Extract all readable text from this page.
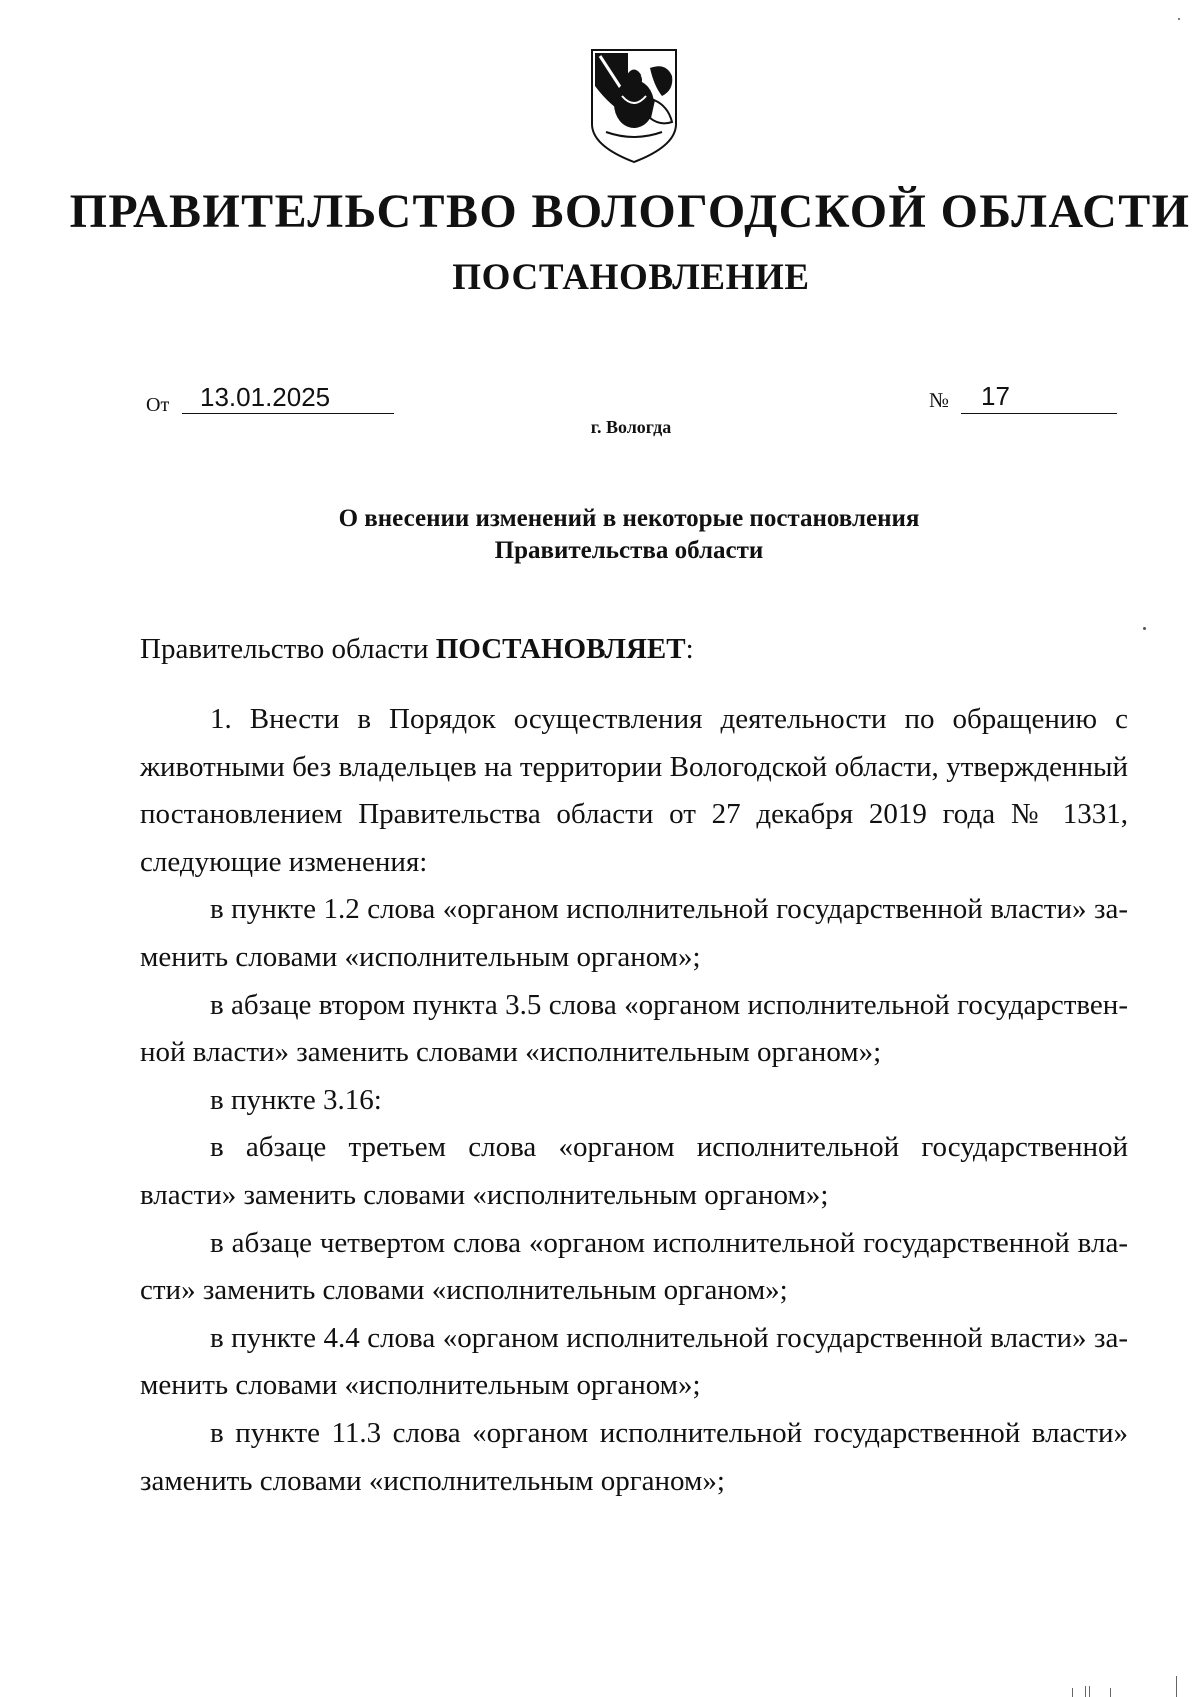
ПРАВИТЕЛЬСТВО ВОЛОГОДСКОЙ ОБЛАСТИ
ПОСТАНОВЛЕНИЕ
От	13.01.2025	№	17
г. Вологда
О внесении изменений в некоторые постановления
Правительства области
Правительство области ПОСТАНОВЛЯЕТ:

1. Внести в Порядок осуществления деятельности по обращению с животными без владельцев на территории Вологодской области, утвержденный постановлением Правительства области от 27 декабря 2019 года № 1331, следующие изменения:

в пункте 1.2 слова «органом исполнительной государственной власти» заменить словами «исполнительным органом»;

в абзаце втором пункта 3.5 слова «органом исполнительной государственной власти» заменить словами «исполнительным органом»;

в пункте 3.16:

в абзаце третьем слова «органом исполнительной государственной власти» заменить словами «исполнительным органом»;

в абзаце четвертом слова «органом исполнительной государственной власти» заменить словами «исполнительным органом»;

в пункте 4.4 слова «органом исполнительной государственной власти» заменить словами «исполнительным органом»;

в пункте 11.3 слова «органом исполнительной государственной власти» заменить словами «исполнительным органом»;
